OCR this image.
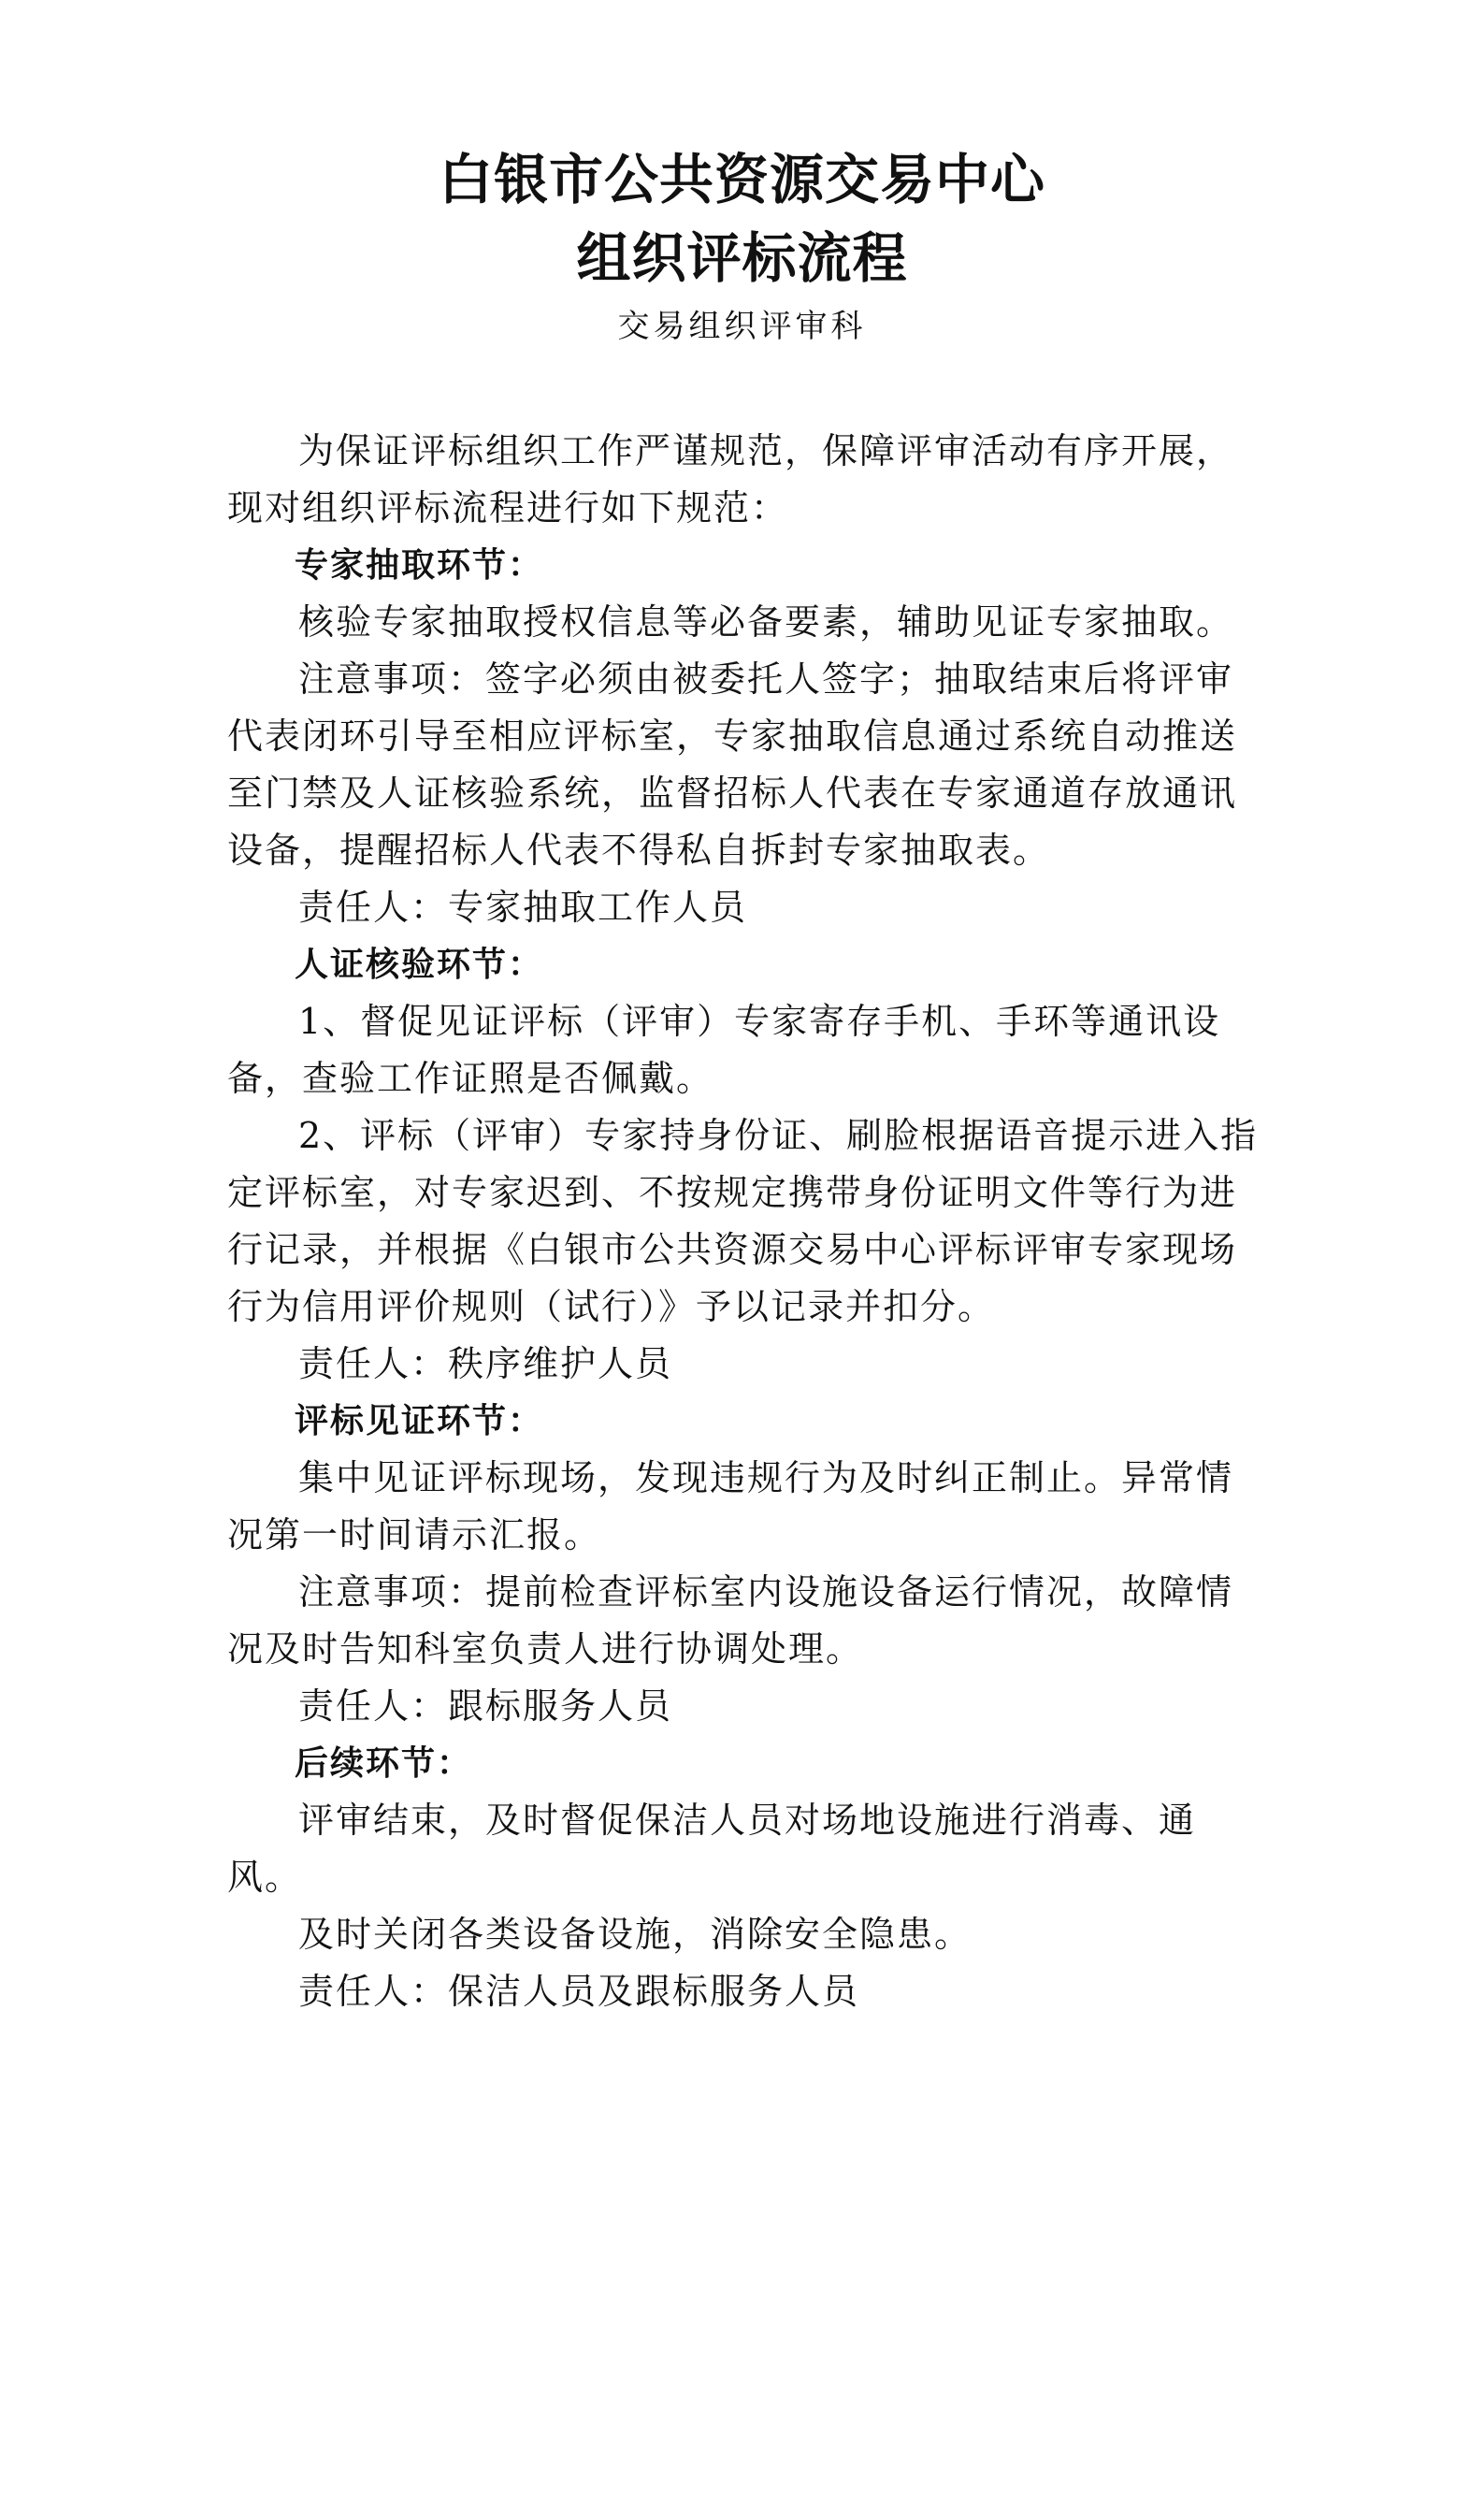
白银市公共资源交易中心
组织评标流程
交易组织评审科

为保证评标组织工作严谨规范，保障评审活动有序开展，现对组织评标流程进行如下规范：

专家抽取环节：

核验专家抽取授权信息等必备要素，辅助见证专家抽取。

注意事项：签字必须由被委托人签字；抽取结束后将评审代表闭环引导至相应评标室，专家抽取信息通过系统自动推送至门禁及人证核验系统，监督招标人代表在专家通道存放通讯设备，提醒招标人代表不得私自拆封专家抽取表。

责任人：专家抽取工作人员

人证核验环节：

1、督促见证评标（评审）专家寄存手机、手环等通讯设备，查验工作证照是否佩戴。

2、评标（评审）专家持身份证、刷脸根据语音提示进入指定评标室，对专家迟到、不按规定携带身份证明文件等行为进行记录，并根据《白银市公共资源交易中心评标评审专家现场行为信用评价规则（试行）》予以记录并扣分。

责任人：秩序维护人员

评标见证环节：

集中见证评标现场，发现违规行为及时纠正制止。异常情况第一时间请示汇报。

注意事项：提前检查评标室内设施设备运行情况，故障情况及时告知科室负责人进行协调处理。

责任人：跟标服务人员

后续环节：

评审结束，及时督促保洁人员对场地设施进行消毒、通风。

及时关闭各类设备设施，消除安全隐患。

责任人：保洁人员及跟标服务人员
